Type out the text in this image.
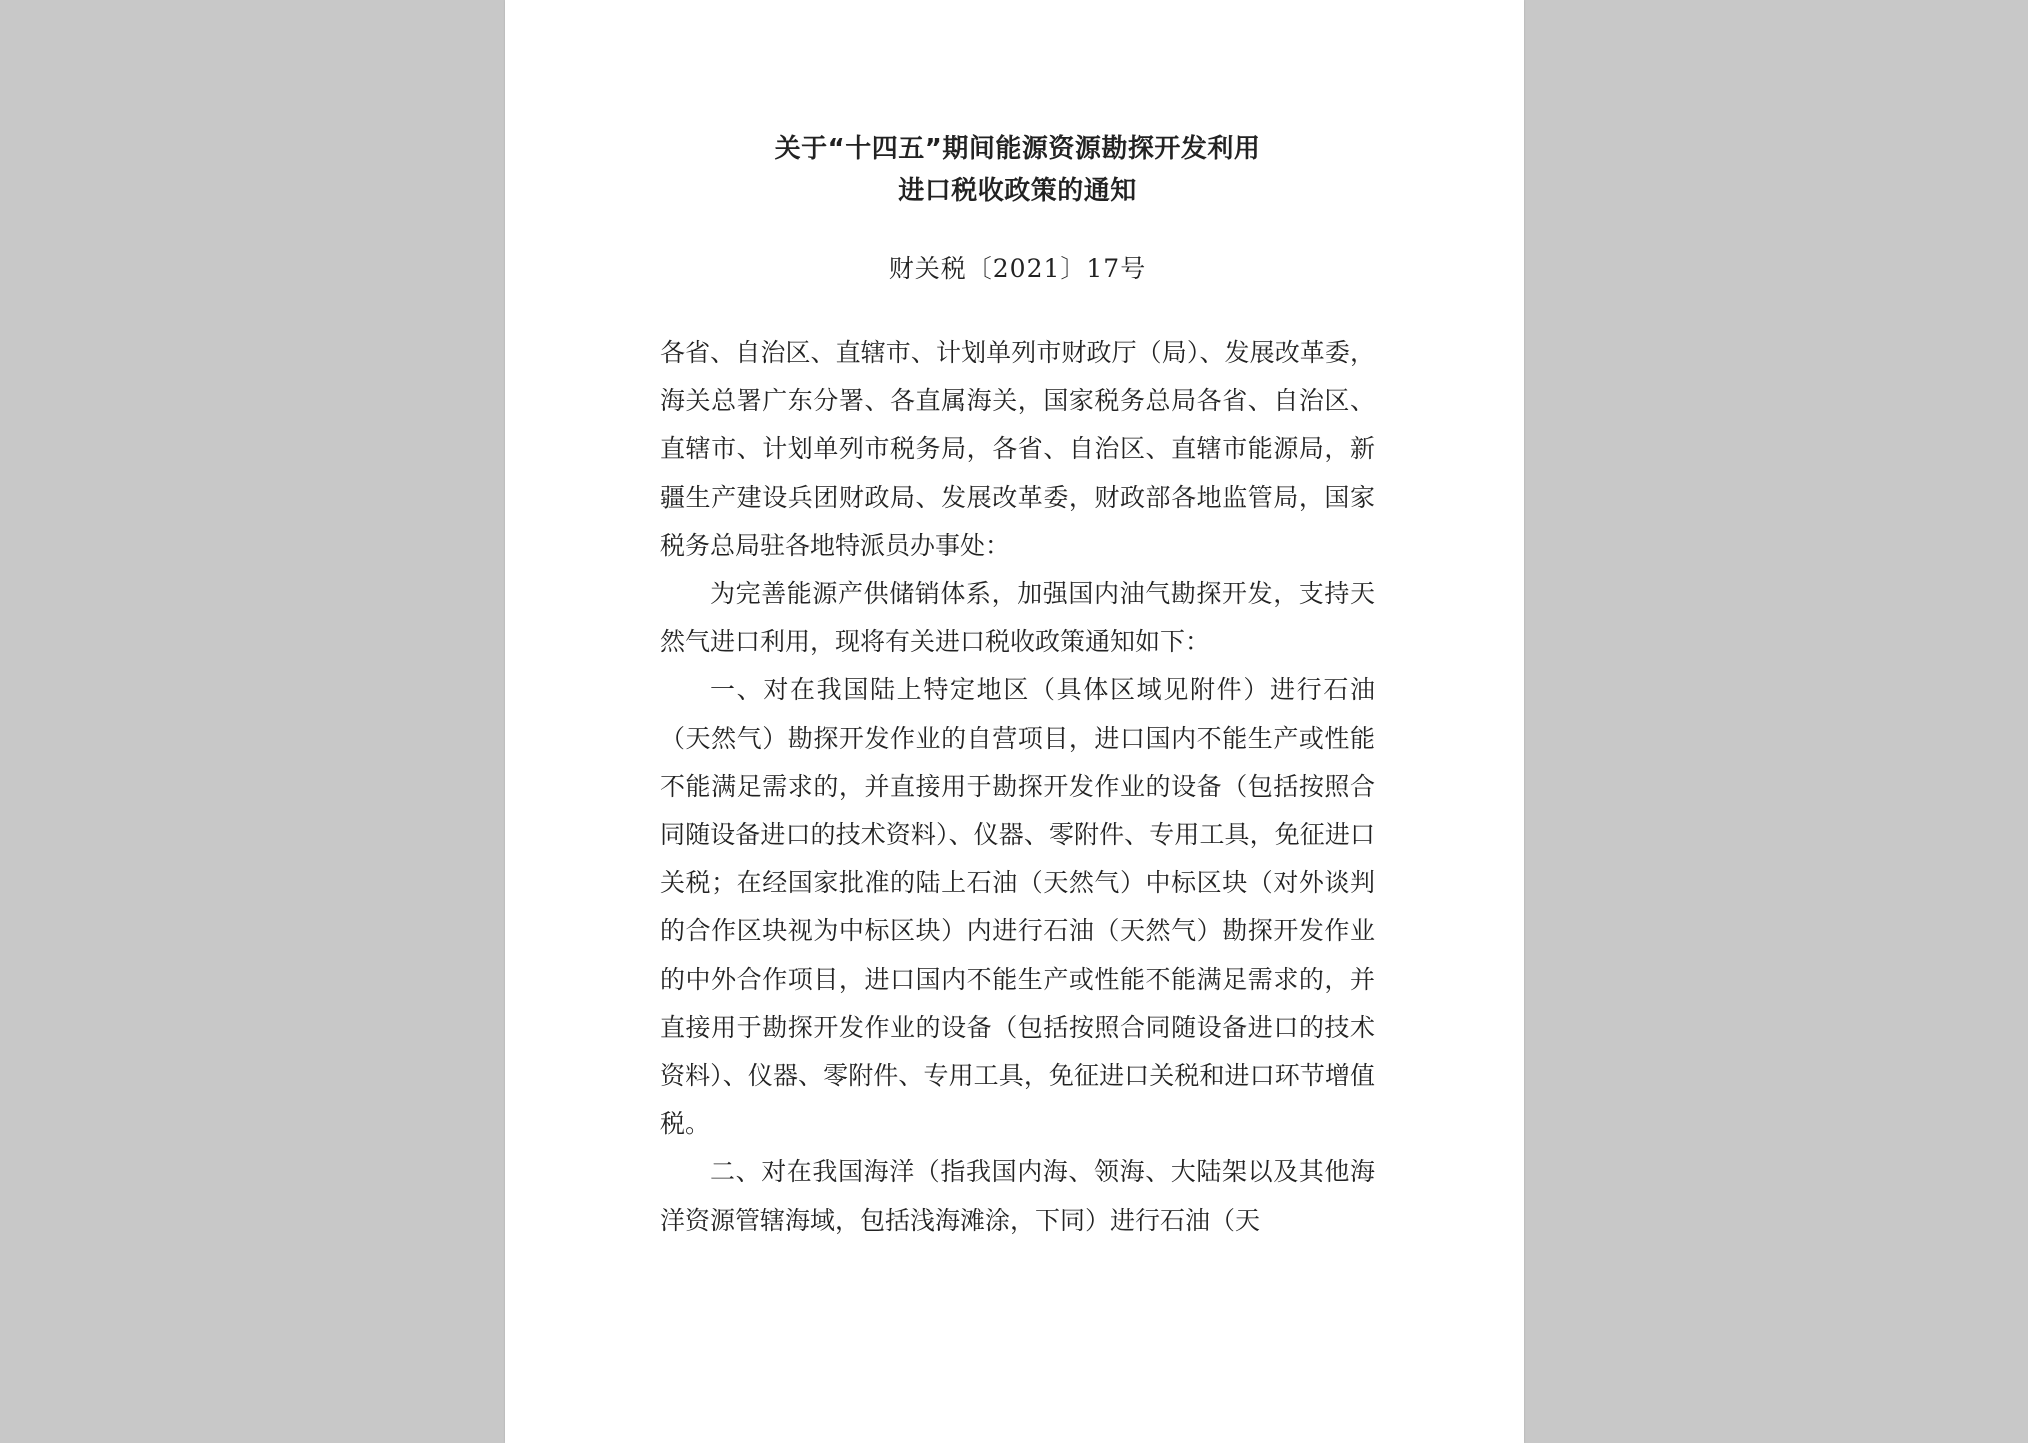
关于“十四五”期间能源资源勘探开发利用

进口税收政策的通知

财关税〔2021〕17号

各省、自治区、直辖市、计划单列市财政厅（局）、发展改革委，海关总署广东分署、各直属海关，国家税务总局各省、自治区、直辖市、计划单列市税务局，各省、自治区、直辖市能源局，新疆生产建设兵团财政局、发展改革委，财政部各地监管局，国家税务总局驻各地特派员办事处：

为完善能源产供储销体系，加强国内油气勘探开发，支持天然气进口利用，现将有关进口税收政策通知如下：

一、对在我国陆上特定地区（具体区域见附件）进行石油（天然气）勘探开发作业的自营项目，进口国内不能生产或性能不能满足需求的，并直接用于勘探开发作业的设备（包括按照合同随设备进口的技术资料）、仪器、零附件、专用工具，免征进口关税；在经国家批准的陆上石油（天然气）中标区块（对外谈判的合作区块视为中标区块）内进行石油（天然气）勘探开发作业的中外合作项目，进口国内不能生产或性能不能满足需求的，并直接用于勘探开发作业的设备（包括按照合同随设备进口的技术资料）、仪器、零附件、专用工具，免征进口关税和进口环节增值税。

二、对在我国海洋（指我国内海、领海、大陆架以及其他海洋资源管辖海域，包括浅海滩涂，下同）进行石油（天
